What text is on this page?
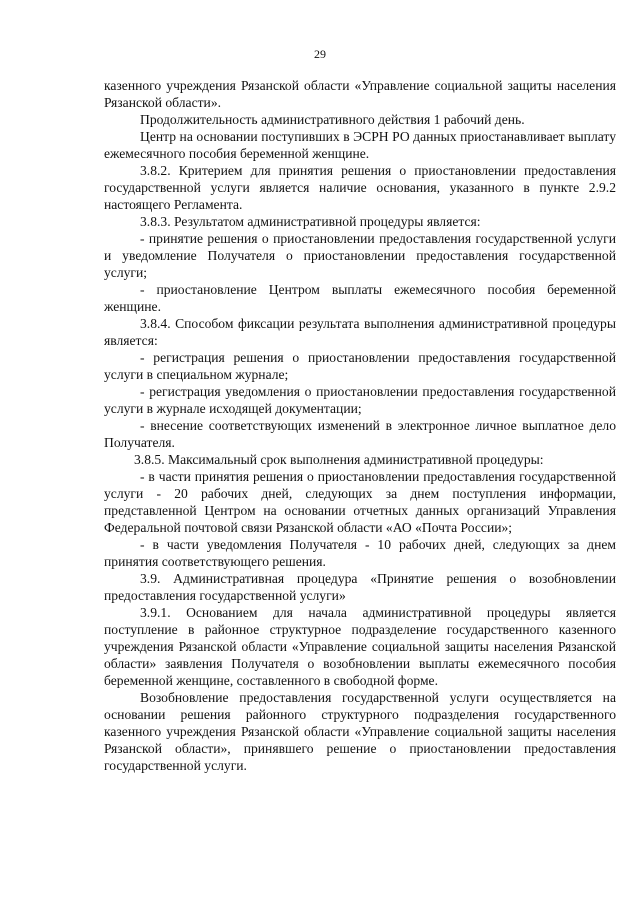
29

казенного учреждения Рязанской области «Управление социальной защиты населения Рязанской области».

Продолжительность административного действия 1 рабочий день.

Центр на основании поступивших в ЭСРН РО данных приостанавливает выплату ежемесячного пособия беременной женщине.

3.8.2. Критерием для принятия решения о приостановлении предоставления государственной услуги является наличие основания, указанного в пункте 2.9.2 настоящего Регламента.

3.8.3. Результатом административной процедуры является:

- принятие решения о приостановлении предоставления государственной услуги и уведомление Получателя о приостановлении предоставления государственной услуги;

- приостановление Центром выплаты ежемесячного пособия беременной женщине.

3.8.4. Способом фиксации результата выполнения административной процедуры является:

- регистрация решения о приостановлении предоставления государственной услуги в специальном журнале;

- регистрация уведомления о приостановлении предоставления государственной услуги в журнале исходящей документации;

- внесение соответствующих изменений в электронное личное выплатное дело Получателя.

3.8.5. Максимальный срок выполнения административной процедуры:

- в части принятия решения о приостановлении предоставления государственной услуги - 20 рабочих дней, следующих за днем поступления информации, представленной Центром на основании отчетных данных организаций Управления Федеральной почтовой связи Рязанской области «АО «Почта России»;

- в части уведомления Получателя - 10 рабочих дней, следующих за днем принятия соответствующего решения.

3.9. Административная процедура «Принятие решения о возобновлении предоставления государственной услуги»

3.9.1. Основанием для начала административной процедуры является поступление в районное структурное подразделение государственного казенного учреждения Рязанской области «Управление социальной защиты населения Рязанской области» заявления Получателя о возобновлении выплаты ежемесячного пособия беременной женщине, составленного в свободной форме.

Возобновление предоставления государственной услуги осуществляется на основании решения районного структурного подразделения государственного казенного учреждения Рязанской области «Управление социальной защиты населения Рязанской области», принявшего решение о приостановлении предоставления государственной услуги.
